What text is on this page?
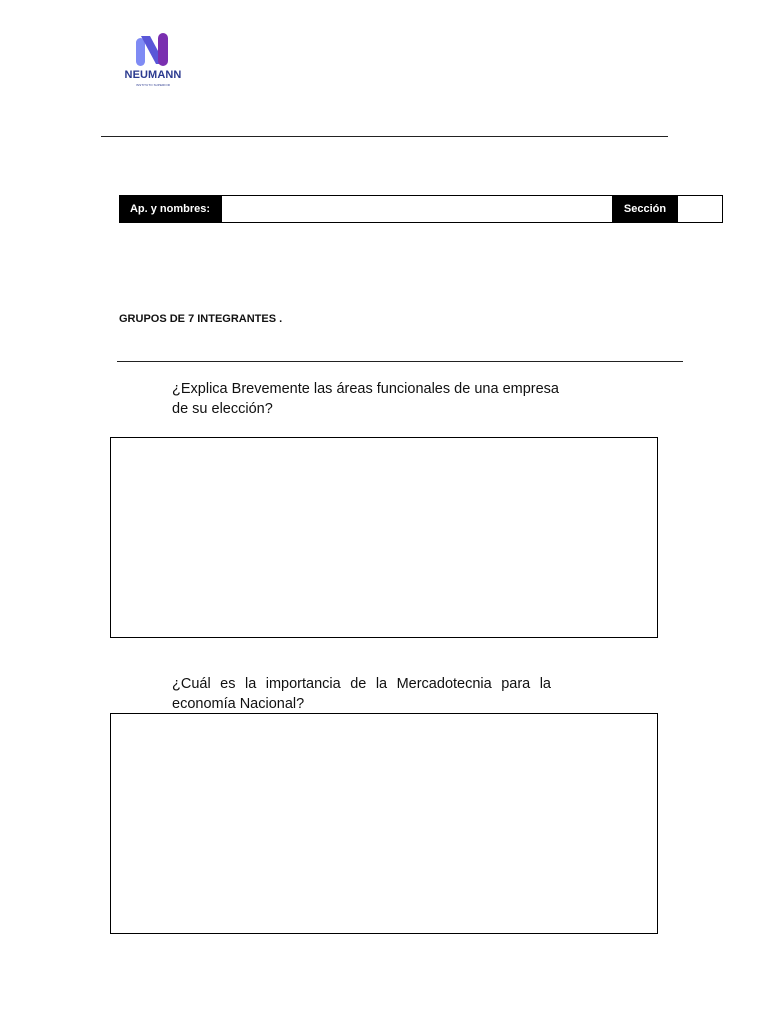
NEUMANN
INSTITUTO SUPERIOR
Ap. y nombres:	Sección
GRUPOS DE 7 INTEGRANTES .
¿Explica Brevemente las áreas funcionales de una empresa de su elección?
¿Cuál es la importancia de la Mercadotecnia para la economía Nacional?
